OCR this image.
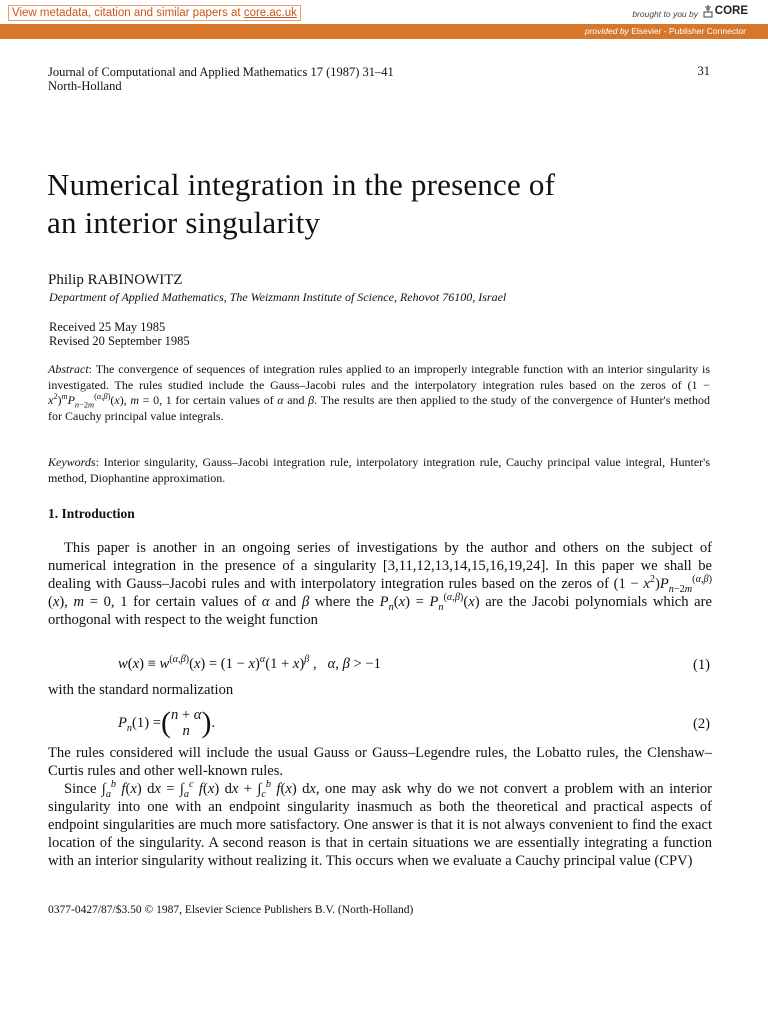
View metadata, citation and similar papers at core.ac.uk	brought to you by	CORE
provided by Elsevier - Publisher Connector
Journal of Computational and Applied Mathematics 17 (1987) 31–41
North-Holland
31
Numerical integration in the presence of
an interior singularity
Philip RABINOWITZ
Department of Applied Mathematics, The Weizmann Institute of Science, Rehovot 76100, Israel
Received 25 May 1985
Revised 20 September 1985
Abstract: The convergence of sequences of integration rules applied to an improperly integrable function with an interior singularity is investigated. The rules studied include the Gauss–Jacobi rules and the interpolatory integration rules based on the zeros of $(1 - x^2)^mP_{n-2m}^{(\alpha,\beta)}(x)$, m = 0, 1 for certain values of α and β. The results are then applied to the study of the convergence of Hunter's method for Cauchy principal value integrals.
Keywords: Interior singularity, Gauss–Jacobi integration rule, interpolatory integration rule, Cauchy principal value integral, Hunter's method, Diophantine approximation.
1. Introduction
This paper is another in an ongoing series of investigations by the author and others on the subject of numerical integration in the presence of a singularity [3,11,12,13,14,15,16,19,24]. In this paper we shall be dealing with Gauss–Jacobi rules and with interpolatory integration rules based on the zeros of $(1 - x^2)P_{n-2m}^{(\alpha,\beta)}(x)$, m = 0, 1 for certain values of α and β where the $P_n(x) = P_n^{(\alpha,\beta)}(x)$ are the Jacobi polynomials which are orthogonal with respect to the weight function
$w(x) \equiv w^{(\alpha,\beta)}(x) = (1 - x)^\alpha(1 + x)^\beta$ ,   α, β > −1	(1)
with the standard normalization
$P_n(1) =(n + \alpha$
n ).	(2)
The rules considered will include the usual Gauss or Gauss–Legendre rules, the Lobatto rules, the Clenshaw–Curtis rules and other well-known rules.
Since $\int_a^b$ f(x) dx = $\int_a^c$ f(x) dx + $\int_c^b$ f(x) dx, one may ask why do we not convert a problem with an interior singularity into one with an endpoint singularity inasmuch as both the theoretical and practical aspects of endpoint singularities are much more satisfactory. One answer is that it is not always convenient to find the exact location of the singularity. A second reason is that in certain situations we are essentially integrating a function with an interior singularity without realizing it. This occurs when we evaluate a Cauchy principal value (CPV)
0377-0427/87/$3.50 © 1987, Elsevier Science Publishers B.V. (North-Holland)
